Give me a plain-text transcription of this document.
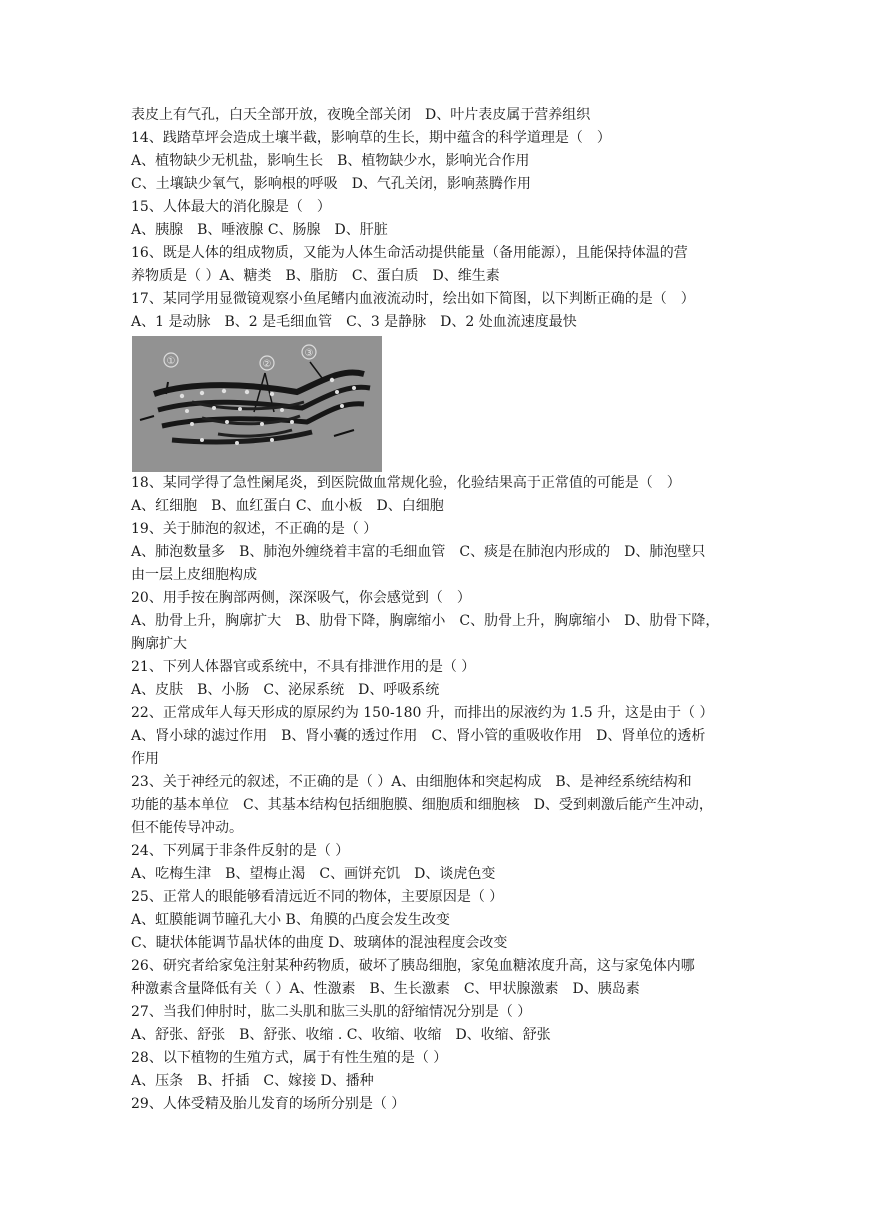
表皮上有气孔，白天全部开放，夜晚全部关闭　D、叶片表皮属于营养组织
14、践踏草坪会造成土壤半截，影响草的生长，期中蕴含的科学道理是（　）
A、植物缺少无机盐，影响生长　B、植物缺少水，影响光合作用
C、土壤缺少氧气，影响根的呼吸　D、气孔关闭，影响蒸腾作用
15、人体最大的消化腺是（　）
A、胰腺　B、唾液腺 C、肠腺　D、肝脏
16、既是人体的组成物质，又能为人体生命活动提供能量（备用能源），且能保持体温的营
养物质是（ ）A、糖类　B、脂肪　C、蛋白质　D、维生素
17、某同学用显微镜观察小鱼尾鳍内血液流动时，绘出如下简图，以下判断正确的是（　）
A、1 是动脉　B、2 是毛细血管　C、3 是静脉　D、2 处血流速度最快
①	②
③
18、某同学得了急性阑尾炎，到医院做血常规化验，化验结果高于正常值的可能是（　）
A、红细胞　B、血红蛋白 C、血小板　D、白细胞
19、关于肺泡的叙述，不正确的是（ ）
A、肺泡数量多　B、肺泡外缠绕着丰富的毛细血管　C、痰是在肺泡内形成的　D、肺泡壁只
由一层上皮细胞构成
20、用手按在胸部两侧，深深吸气，你会感觉到（　）
A、肋骨上升，胸廓扩大　B、肋骨下降，胸廓缩小　C、肋骨上升，胸廓缩小　D、肋骨下降，
胸廓扩大
21、下列人体器官或系统中，不具有排泄作用的是（ ）
A、皮肤　B、小肠　C、泌尿系统　D、呼吸系统
22、正常成年人每天形成的原尿约为 150-180 升，而排出的尿液约为 1.5 升，这是由于（ ）
A、肾小球的滤过作用　B、肾小囊的透过作用　C、肾小管的重吸收作用　D、肾单位的透析
作用
23、关于神经元的叙述，不正确的是（ ）A、由细胞体和突起构成　B、是神经系统结构和
功能的基本单位　C、其基本结构包括细胞膜、细胞质和细胞核　D、受到刺激后能产生冲动，
但不能传导冲动。
24、下列属于非条件反射的是（ ）
A、吃梅生津　B、望梅止渴　C、画饼充饥　D、谈虎色变
25、正常人的眼能够看清远近不同的物体，主要原因是（ ）
A、虹膜能调节瞳孔大小 B、角膜的凸度会发生改变
C、睫状体能调节晶状体的曲度 D、玻璃体的混浊程度会改变
26、研究者给家兔注射某种药物质，破坏了胰岛细胞，家兔血糖浓度升高，这与家兔体内哪
种激素含量降低有关（ ）A、性激素　B、生长激素　C、甲状腺激素　D、胰岛素
27、当我们伸肘时，肱二头肌和肱三头肌的舒缩情况分别是（ ）
A、舒张、舒张　B、舒张、收缩 . C、收缩、收缩　D、收缩、舒张
28、以下植物的生殖方式，属于有性生殖的是（ ）
A、压条　B、扦插　C、嫁接 D、播种
29、人体受精及胎儿发育的场所分别是（ ）
